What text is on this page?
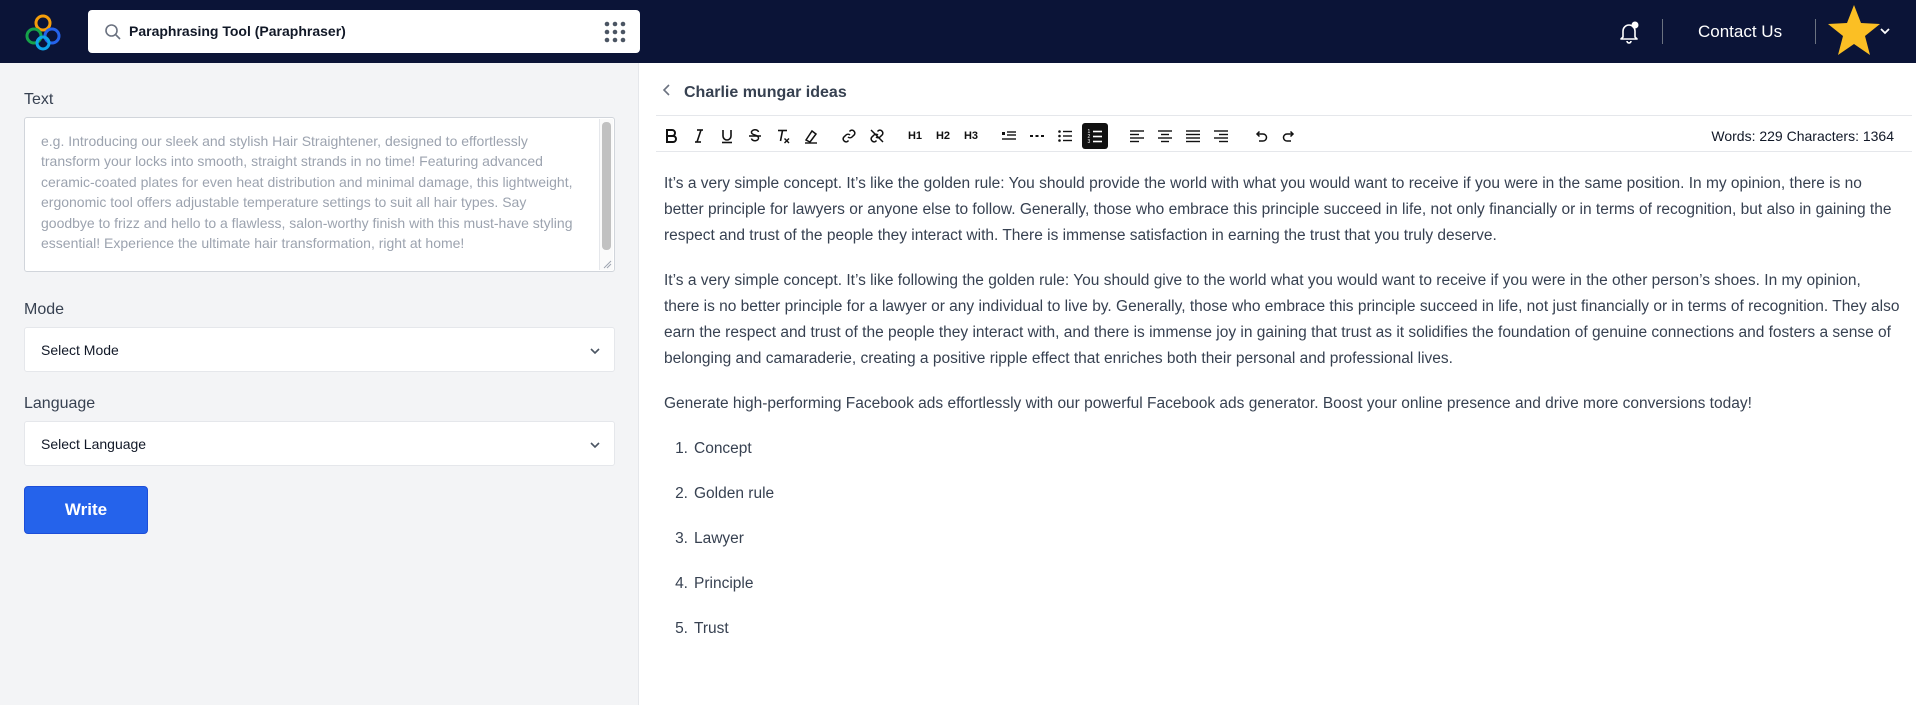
Paraphrasing Tool (Paraphraser)	Contact Us
Text
e.g. Introducing our sleek and stylish Hair Straightener, designed to effortlessly transform your locks into smooth, straight strands in no time! Featuring advanced ceramic-coated plates for even heat distribution and minimal damage, this lightweight, ergonomic tool offers adjustable temperature settings to suit all hair types. Say goodbye to frizz and hello to a flawless, salon-worthy finish with this must-have styling essential! Experience the ultimate hair transformation, right at home!
Mode
Select Mode
Language
Select Language
Write
Charlie mungar ideas
H1	H2	H3	1
2
3	Words: 229 Characters: 1364

It’s a very simple concept. It’s like the golden rule: You should provide the world with what you would want to receive if you were in the same position. In my opinion, there is no better principle for lawyers or anyone else to follow. Generally, those who embrace this principle succeed in life, not only financially or in terms of recognition, but also in gaining the respect and trust of the people they interact with. There is immense satisfaction in earning the trust that you truly deserve.

It’s a very simple concept. It’s like following the golden rule: You should give to the world what you would want to receive if you were in the other person’s shoes. In my opinion, there is no better principle for a lawyer or any individual to live by. Generally, those who embrace this principle succeed in life, not just financially or in terms of recognition. They also earn the respect and trust of the people they interact with, and there is immense joy in gaining that trust as it solidifies the foundation of genuine connections and fosters a sense of belonging and camaraderie, creating a positive ripple effect that enriches both their personal and professional lives.

Generate high-performing Facebook ads effortlessly with our powerful Facebook ads generator. Boost your online presence and drive more conversions today!

1. Concept
2. Golden rule
3. Lawyer
4. Principle
5. Trust
